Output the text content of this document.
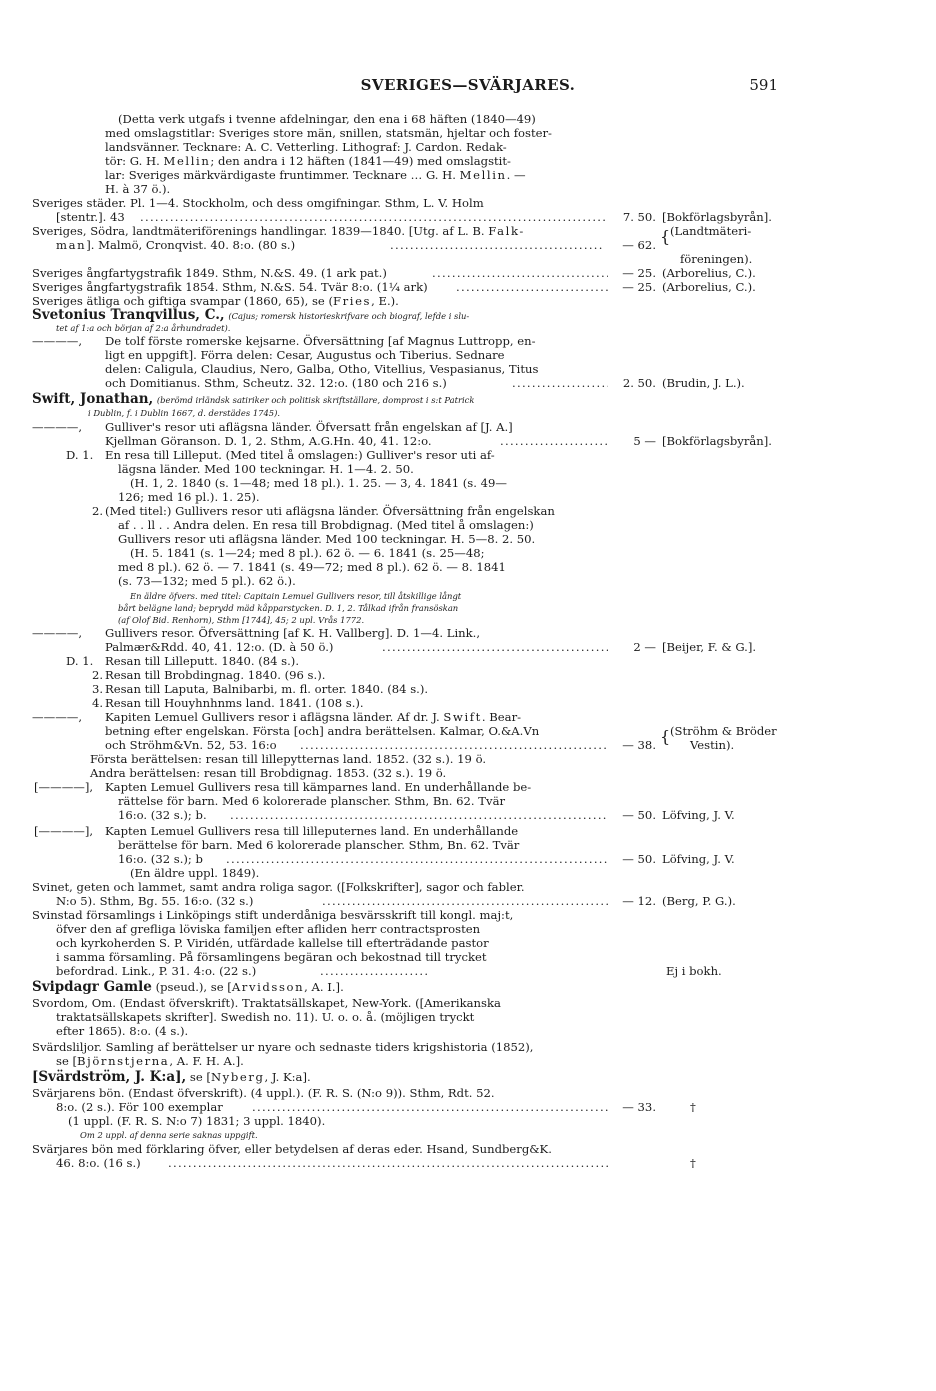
SVERIGES—SVÄRJARES.	591
(Detta verk utgafs i tvenne afdelningar, den ena i 68 häften (1840—49)
med omslagstitlar: Sveriges store män, snillen, statsmän, hjeltar och foster-
landsvänner. Tecknare: A. C. Vetterling. Lithograf: J. Cardon. Redak-
tör: G. H. Mellin; den andra i 12 häften (1841—49) med omslagstit-
lar: Sveriges märkvärdigaste fruntimmer. Tecknare … G. H. Mellin. —
H. à 37 ö.).
Sveriges städer. Pl. 1—4. Stockholm, och dess omgifningar. Sthm, L. V. Holm
[stentr.]. 43 . . .	7. 50. [Bokförlagsbyrån].
Sveriges, Södra, landtmäteriförenings handlingar. 1839—1840. [Utg. af L. B. Falk-	{ (Landtmäteri-
man]. Malmö, Cronqvist. 40. 8:o. (80 s.) . . .	— 62.
föreningen).
Sveriges ångfartygstrafik 1849. Sthm, N.&S. 49. (1 ark pat.) . . .	— 25. (Arborelius, C.).
Sveriges ångfartygstrafik 1854. Sthm, N.&S. 54. Tvär 8:o. (1¼ ark) . . .	— 25. (Arborelius, C.).
Sveriges ätliga och giftiga svampar (1860, 65), se (Fries, E.).
Svetonius Tranqvillus, C., (Cajus; romersk historieskrifvare och biograf, lefde i slu-
tet af 1:a och början af 2:a århundradet).
————, De tolf förste romerske kejsarne. Öfversättning [af Magnus Luttropp, en-
ligt en uppgift]. Förra delen: Cesar, Augustus och Tiberius. Sednare
delen: Caligula, Claudius, Nero, Galba, Otho, Vitellius, Vespasianus, Titus
och Domitianus. Sthm, Scheutz. 32. 12:o. (180 och 216 s.) . . .	2. 50. (Brudin, J. L.).
Swift, Jonathan, (berömd irländsk satiriker och politisk skriftställare, domprost i s:t Patrick
i Dublin, f. i Dublin 1667, d. derstädes 1745).
————, Gulliver's resor uti aflägsna länder. Öfversatt från engelskan af [J. A.]
Kjellman Göranson. D. 1, 2. Sthm, A.G.Hn. 40, 41. 12:o. . . .	5 — [Bokförlagsbyrån].
D. 1. En resa till Lilleput. (Med titel å omslagen:) Gulliver's resor uti af-
lägsna länder. Med 100 teckningar. H. 1—4. 2. 50.
(H. 1, 2. 1840 (s. 1—48; med 18 pl.). 1. 25. — 3, 4. 1841 (s. 49—
126; med 16 pl.). 1. 25).
2. (Med titel:) Gullivers resor uti aflägsna länder. Öfversättning från engelskan
af . . ll . . Andra delen. En resa till Brobdignag. (Med titel å omslagen:)
Gullivers resor uti aflägsna länder. Med 100 teckningar. H. 5—8. 2. 50.
(H. 5. 1841 (s. 1—24; med 8 pl.). 62 ö. — 6. 1841 (s. 25—48;
med 8 pl.). 62 ö. — 7. 1841 (s. 49—72; med 8 pl.). 62 ö. — 8. 1841
(s. 73—132; med 5 pl.). 62 ö.).
En äldre öfvers. med titel: Capitain Lemuel Gullivers resor, till åtskillige långt
bårt belägne land; beprydd mäd kåpparstycken. D. 1, 2. Tålkad ifrån fransöskan
(af Olof Bid. Renhorn), Sthm [1744], 45; 2 upl. Vrås 1772.
————, Gullivers resor. Öfversättning [af K. H. Vallberg]. D. 1—4. Link.,
Palmær&Rdd. 40, 41. 12:o. (D. à 50 ö.) . . .	2 — [Beijer, F. & G.].
D. 1. Resan till Lilleputt. 1840. (84 s.).
2. Resan till Brobdingnag. 1840. (96 s.).
3. Resan till Laputa, Balnibarbi, m. fl. orter. 1840. (84 s.).
4. Resan till Houyhnhnms land. 1841. (108 s.).
————, Kapiten Lemuel Gullivers resor i aflägsna länder. Af dr. J. Swift. Bear-
betning efter engelskan. Första [och] andra berättelsen. Kalmar, O.&A.Vn	{ (Ströhm & Bröder
och Ströhm&Vn. 52, 53. 16:o . . .	— 38.	Vestin).
Första berättelsen: resan till lillepytternas land. 1852. (32 s.). 19 ö.
Andra berättelsen: resan till Brobdignag. 1853. (32 s.). 19 ö.
[————], Kapten Lemuel Gullivers resa till kämparnes land. En underhållande be-
rättelse för barn. Med 6 kolorerade planscher. Sthm, Bn. 62. Tvär
16:o. (32 s.); b. . . .	— 50. Löfving, J. V.
[————], Kapten Lemuel Gullivers resa till lilleputernes land. En underhållande
berättelse för barn. Med 6 kolorerade planscher. Sthm, Bn. 62. Tvär
16:o. (32 s.); b . . .	— 50. Löfving, J. V.
(En äldre uppl. 1849).
Svinet, geten och lammet, samt andra roliga sagor. ([Folkskrifter], sagor och fabler.
N:o 5). Sthm, Bg. 55. 16:o. (32 s.) . . .	— 12. (Berg, P. G.).
Svinstad församlings i Linköpings stift underdåniga besvärsskrift till kongl. maj:t,
öfver den af grefliga löviska familjen efter afliden herr contractsprosten
och kyrkoherden S. P. Viridén, utfärdade kallelse till efterträdande pastor
i samma församling. På församlingens begäran och bekostnad till trycket
befordrad. Link., P. 31. 4:o. (22 s.) . . .	Ej i bokh.
Svipdagr Gamle (pseud.), se [Arvidsson, A. I.].
Svordom, Om. (Endast öfverskrift). Traktatsällskapet, New-York. ([Amerikanska
traktatsällskapets skrifter]. Swedish no. 11). U. o. o. å. (möjligen tryckt
efter 1865). 8:o. (4 s.).
Svärdsliljor. Samling af berättelser ur nyare och sednaste tiders krigshistoria (1852),
se [Björnstjerna, A. F. H. A.].
[Svärdström, J. K:a], se [Nyberg, J. K:a].
Svärjarens bön. (Endast öfverskrift). (4 uppl.). (F. R. S. (N:o 9)). Sthm, Rdt. 52.
8:o. (2 s.). För 100 exemplar . . .	— 33.	†
(1 uppl. (F. R. S. N:o 7) 1831; 3 uppl. 1840).
Om 2 uppl. af denna serie saknas uppgift.
Svärjares bön med förklaring öfver, eller betydelsen af deras eder. Hsand, Sundberg&K.
46. 8:o. (16 s.) . . .	†
